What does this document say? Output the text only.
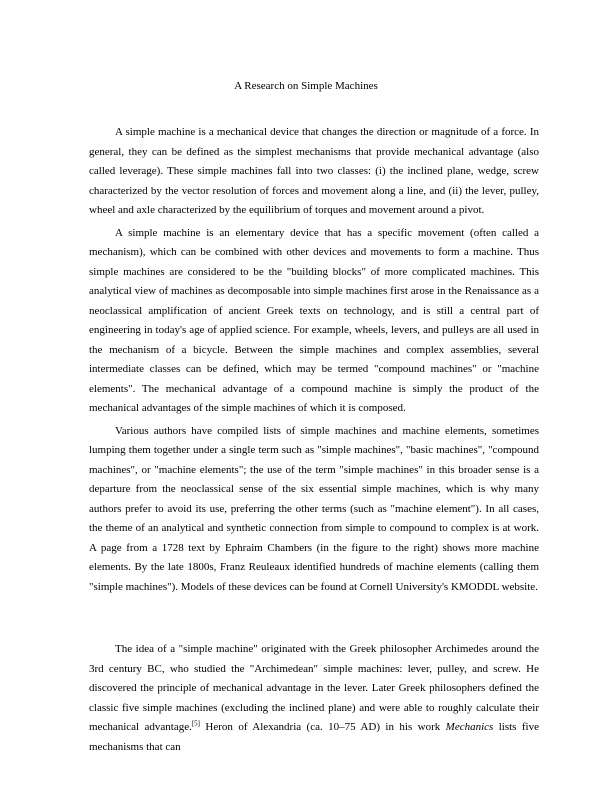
A Research on Simple Machines

A simple machine is a mechanical device that changes the direction or magnitude of a force. In general, they can be defined as the simplest mechanisms that provide mechanical advantage (also called leverage). These simple machines fall into two classes: (i) the inclined plane, wedge, screw characterized by the vector resolution of forces and movement along a line, and (ii) the lever, pulley, wheel and axle characterized by the equilibrium of torques and movement around a pivot.

A simple machine is an elementary device that has a specific movement (often called a mechanism), which can be combined with other devices and movements to form a machine. Thus simple machines are considered to be the "building blocks" of more complicated machines. This analytical view of machines as decomposable into simple machines first arose in the Renaissance as a neoclassical amplification of ancient Greek texts on technology, and is still a central part of engineering in today's age of applied science. For example, wheels, levers, and pulleys are all used in the mechanism of a bicycle. Between the simple machines and complex assemblies, several intermediate classes can be defined, which may be termed "compound machines" or "machine elements". The mechanical advantage of a compound machine is simply the product of the mechanical advantages of the simple machines of which it is composed.

Various authors have compiled lists of simple machines and machine elements, sometimes lumping them together under a single term such as "simple machines", "basic machines", "compound machines", or "machine elements"; the use of the term "simple machines" in this broader sense is a departure from the neoclassical sense of the six essential simple machines, which is why many authors prefer to avoid its use, preferring the other terms (such as "machine element"). In all cases, the theme of an analytical and synthetic connection from simple to compound to complex is at work. A page from a 1728 text by Ephraim Chambers (in the figure to the right) shows more machine elements. By the late 1800s, Franz Reuleaux identified hundreds of machine elements (calling them "simple machines"). Models of these devices can be found at Cornell University's KMODDL website.

The idea of a "simple machine" originated with the Greek philosopher Archimedes around the 3rd century BC, who studied the "Archimedean" simple machines: lever, pulley, and screw. He discovered the principle of mechanical advantage in the lever. Later Greek philosophers defined the classic five simple machines (excluding the inclined plane) and were able to roughly calculate their mechanical advantage.[5] Heron of Alexandria (ca. 10–75 AD) in his work Mechanics lists five mechanisms that can
